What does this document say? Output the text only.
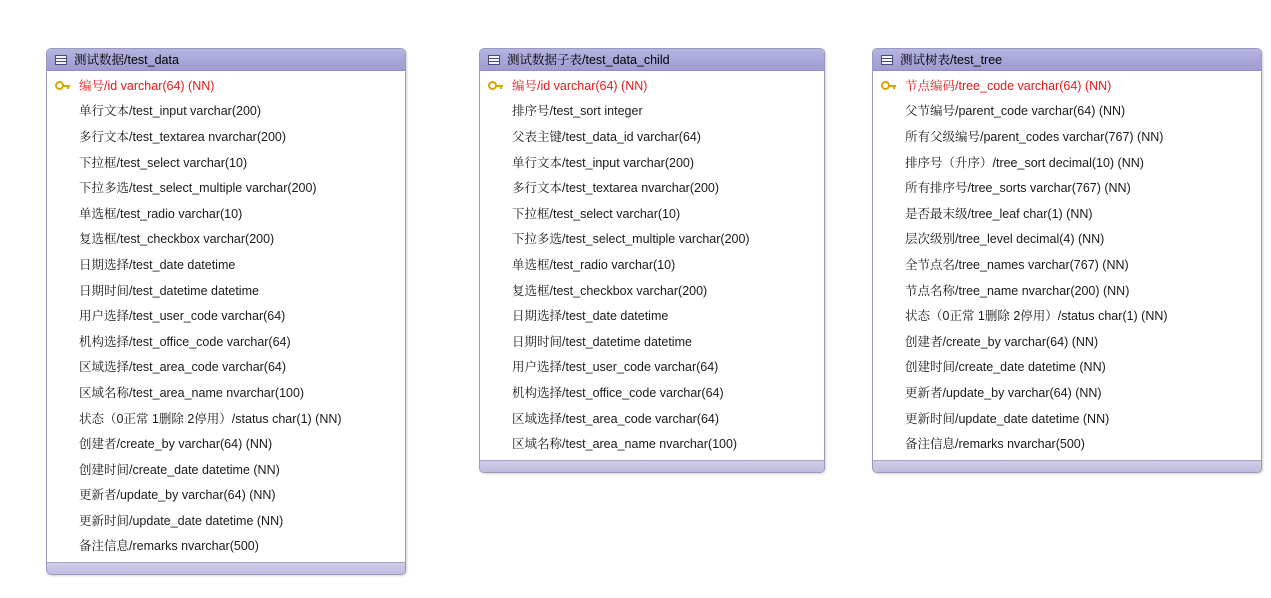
测试数据/test_data
编号/id varchar(64) (NN)
单行文本/test_input varchar(200)
多行文本/test_textarea nvarchar(200)
下拉框/test_select varchar(10)
下拉多选/test_select_multiple varchar(200)
单选框/test_radio varchar(10)
复选框/test_checkbox varchar(200)
日期选择/test_date datetime
日期时间/test_datetime datetime
用户选择/test_user_code varchar(64)
机构选择/test_office_code varchar(64)
区域选择/test_area_code varchar(64)
区域名称/test_area_name nvarchar(100)
状态（0正常 1删除 2停用）/status char(1) (NN)
创建者/create_by varchar(64) (NN)
创建时间/create_date datetime (NN)
更新者/update_by varchar(64) (NN)
更新时间/update_date datetime (NN)
备注信息/remarks nvarchar(500)
测试数据子表/test_data_child
编号/id varchar(64) (NN)
排序号/test_sort integer
父表主键/test_data_id varchar(64)
单行文本/test_input varchar(200)
多行文本/test_textarea nvarchar(200)
下拉框/test_select varchar(10)
下拉多选/test_select_multiple varchar(200)
单选框/test_radio varchar(10)
复选框/test_checkbox varchar(200)
日期选择/test_date datetime
日期时间/test_datetime datetime
用户选择/test_user_code varchar(64)
机构选择/test_office_code varchar(64)
区域选择/test_area_code varchar(64)
区域名称/test_area_name nvarchar(100)
测试树表/test_tree
节点编码/tree_code varchar(64) (NN)
父节编号/parent_code varchar(64) (NN)
所有父级编号/parent_codes varchar(767) (NN)
排序号（升序）/tree_sort decimal(10) (NN)
所有排序号/tree_sorts varchar(767) (NN)
是否最末级/tree_leaf char(1) (NN)
层次级别/tree_level decimal(4) (NN)
全节点名/tree_names varchar(767) (NN)
节点名称/tree_name nvarchar(200) (NN)
状态（0正常 1删除 2停用）/status char(1) (NN)
创建者/create_by varchar(64) (NN)
创建时间/create_date datetime (NN)
更新者/update_by varchar(64) (NN)
更新时间/update_date datetime (NN)
备注信息/remarks nvarchar(500)
